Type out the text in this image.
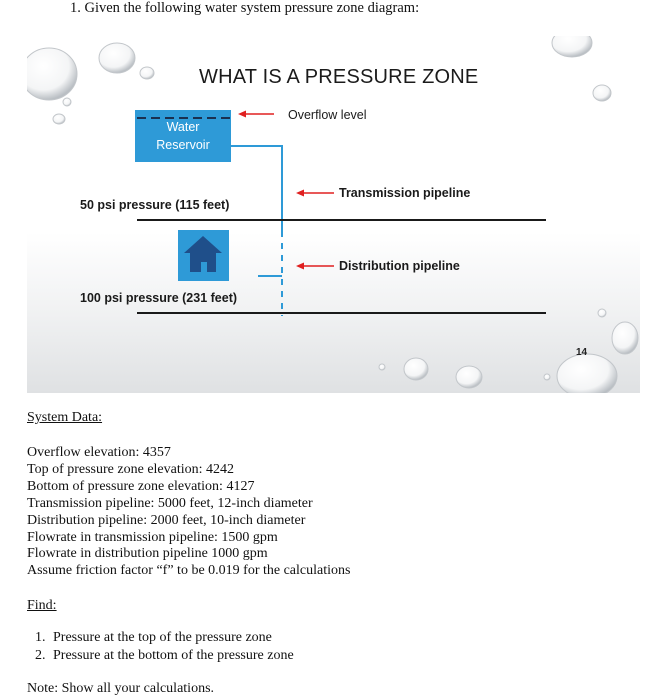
1. Given the following water system pressure zone diagram:
WHAT IS A PRESSURE ZONE
Water
Reservoir
Overflow level
Transmission pipeline
Distribution pipeline
50 psi pressure (115 feet)
100 psi pressure (231 feet)
14
System Data:
Overflow elevation: 4357
Top of pressure zone elevation: 4242
Bottom of pressure zone elevation: 4127
Transmission pipeline: 5000 feet, 12-inch diameter
Distribution pipeline: 2000 feet, 10-inch diameter
Flowrate in transmission pipeline: 1500 gpm
Flowrate in distribution pipeline 1000 gpm
Assume friction factor “f” to be 0.019 for the calculations
Find:
1. Pressure at the top of the pressure zone
2. Pressure at the bottom of the pressure zone
Note: Show all your calculations.
